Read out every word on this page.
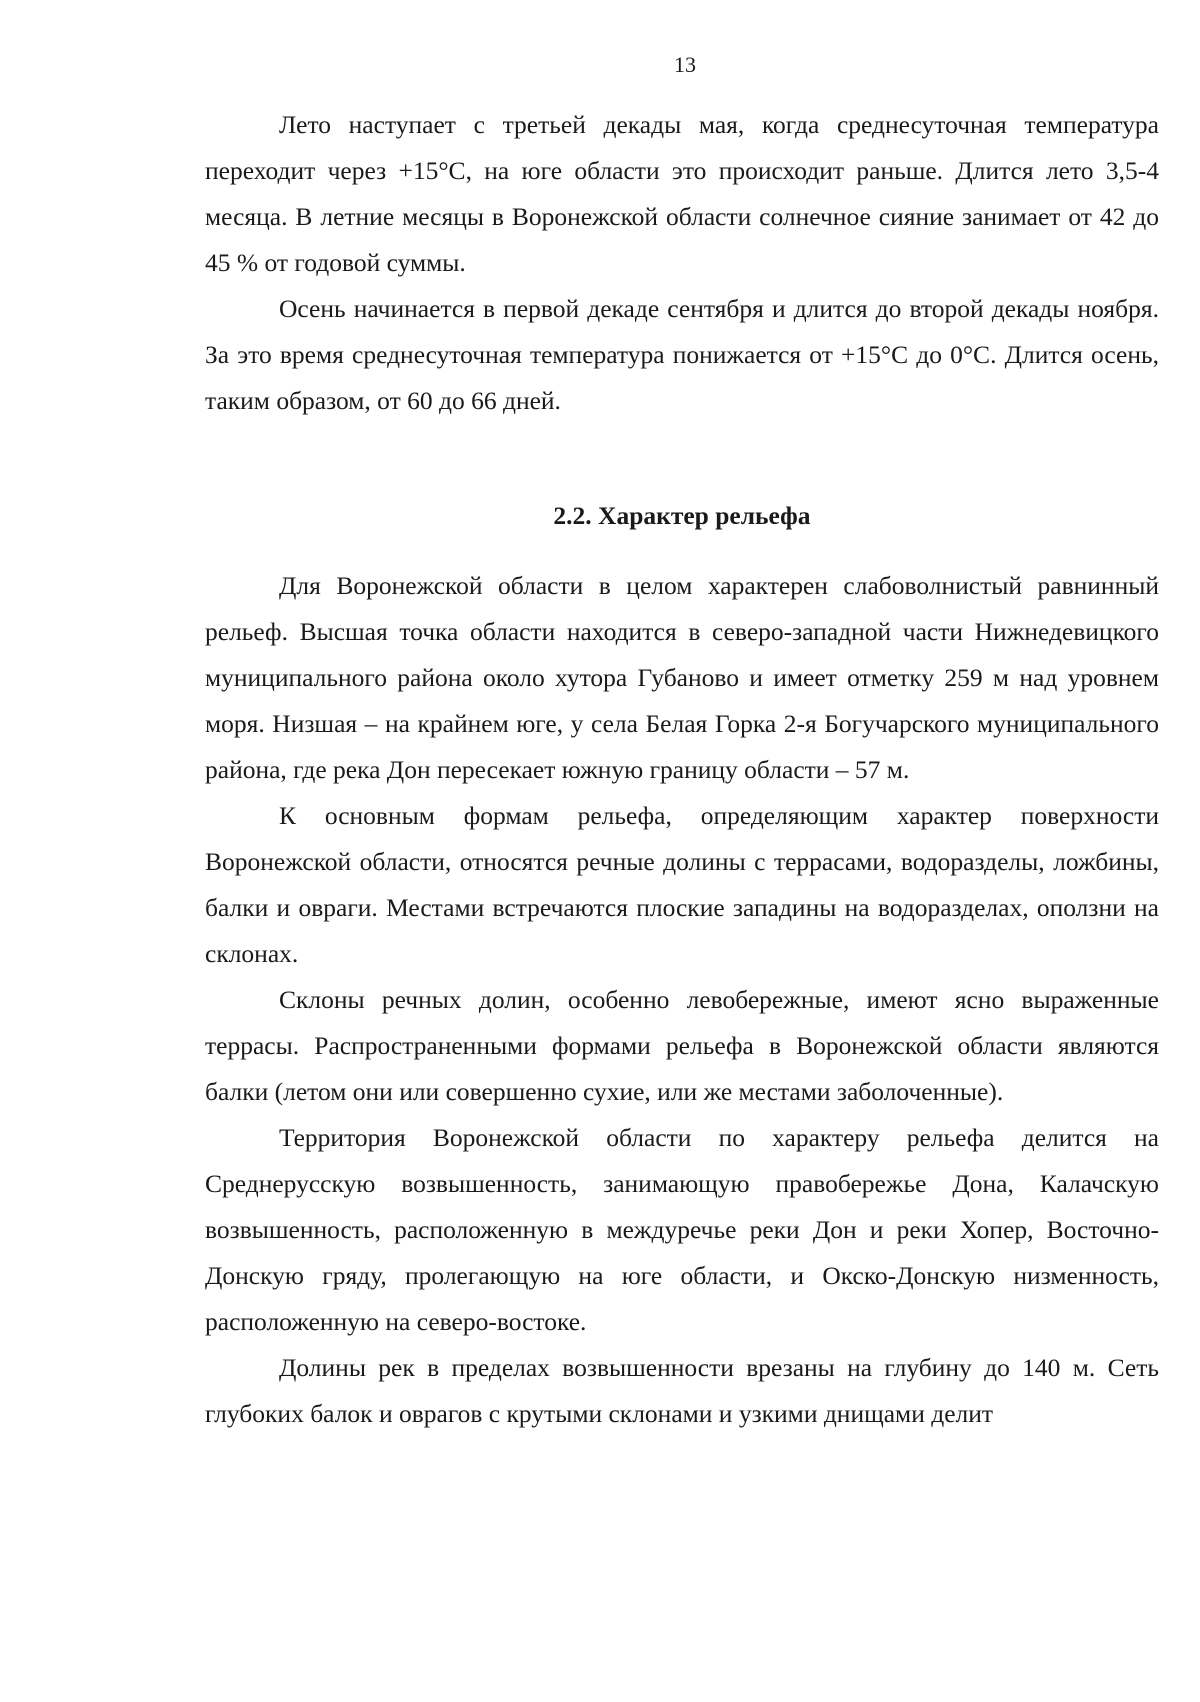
13

Лето наступает с третьей декады мая, когда среднесуточная температура переходит через +15°С, на юге области это происходит раньше. Длится лето 3,5-4 месяца. В летние месяцы в Воронежской области солнечное сияние занимает от 42 до 45 % от годовой суммы.

Осень начинается в первой декаде сентября и длится до второй декады ноября. За это время среднесуточная температура понижается от +15°С до 0°С. Длится осень, таким образом, от 60 до 66 дней.

2.2. Характер рельефа

Для Воронежской области в целом характерен слабоволнистый равнинный рельеф. Высшая точка области находится в северо-западной части Нижнедевицкого муниципального района около хутора Губаново и имеет отметку 259 м над уровнем моря. Низшая – на крайнем юге, у села Белая Горка 2-я Богучарского муниципального района, где река Дон пересекает южную границу области – 57 м.

К основным формам рельефа, определяющим характер поверхности Воронежской области, относятся речные долины с террасами, водоразделы, ложбины, балки и овраги. Местами встречаются плоские западины на водоразделах, оползни на склонах.

Склоны речных долин, особенно левобережные, имеют ясно выраженные террасы. Распространенными формами рельефа в Воронежской области являются балки (летом они или совершенно сухие, или же местами заболоченные).

Территория Воронежской области по характеру рельефа делится на Среднерусскую возвышенность, занимающую правобережье Дона, Калачскую возвышенность, расположенную в междуречье реки Дон и реки Хопер, Восточно-Донскую гряду, пролегающую на юге области, и Окско-Донскую низменность, расположенную на северо-востоке.

Долины рек в пределах возвышенности врезаны на глубину до 140 м. Сеть глубоких балок и оврагов с крутыми склонами и узкими днищами делит
